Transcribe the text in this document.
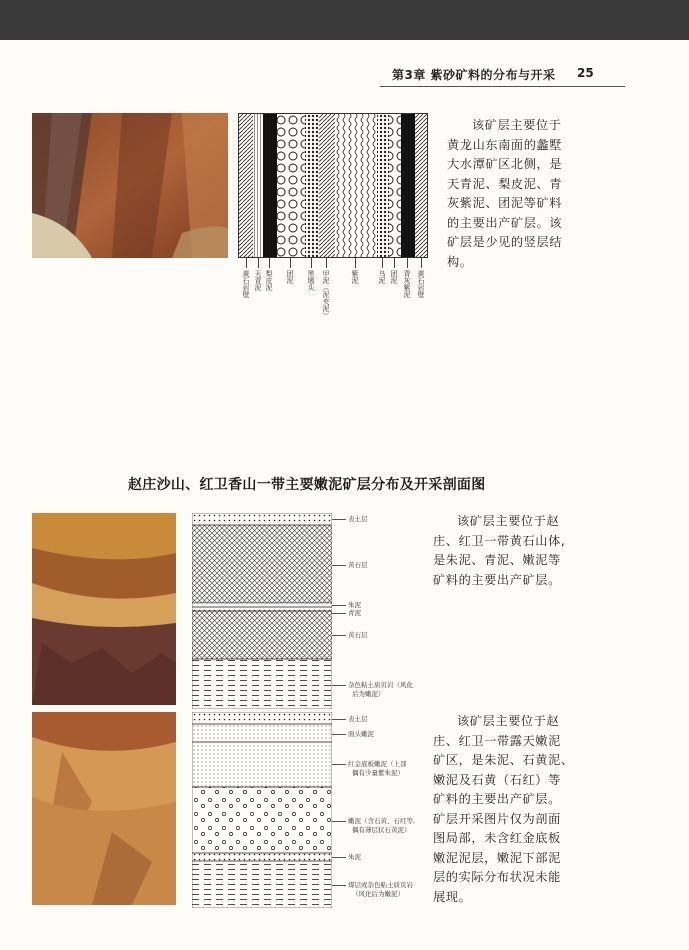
第3章 紫砂矿料的分布与开采 25
黄石岩壁 天青泥 梨皮泥 团泥 黑墩头 甲泥（泥夹泥）	紫泥	乌泥 团泥 青灰紫泥 黄石岩壁
该矿层主要位于
黄龙山东南面的蠡墅
大水潭矿区北侧，是
天青泥、梨皮泥、青
灰紫泥、团泥等矿料
的主要出产矿层。该
矿层是少见的竖层结
构。
赵庄沙山、红卫香山一带主要嫩泥矿层分布及开采剖面图
表土层
黄石层
朱泥
青泥
黄石层
杂色粘土质页岩（风化
后为嫩泥）
该矿层主要位于赵
庄、红卫一带黄石山体,
是朱泥、青泥、嫩泥等
矿料的主要出产矿层。
表土层
面头嫩泥
红金底板嫩泥（上部
偶有少量紫朱泥）
嫩泥（含石黄、石红等,
偶有薄层状石黄泥）
朱泥
煤层或杂色粘土质页岩
（风化后为嫩泥）
该矿层主要位于赵
庄、红卫一带露天嫩泥
矿区，是朱泥、石黄泥、
嫩泥及石黄（石红）等
矿料的主要出产矿层。
矿层开采图片仅为剖面
图局部，未含红金底板
嫩泥泥层，嫩泥下部泥
层的实际分布状况未能
展现。
